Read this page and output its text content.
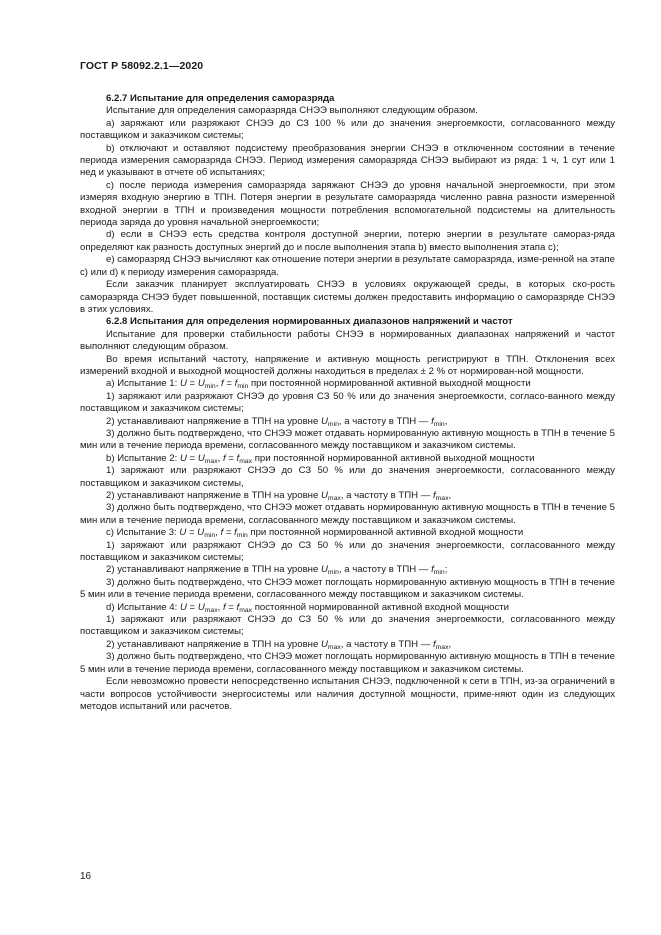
ГОСТ Р 58092.2.1—2020

6.2.7 Испытание для определения саморазряда

Испытание для определения саморазряда СНЭЭ выполняют следующим образом.

а) заряжают или разряжают СНЭЭ до СЗ 100 % или до значения энергоемкости, согласованного между поставщиком и заказчиком системы;

b) отключают и оставляют подсистему преобразования энергии СНЭЭ в отключенном состоянии в течение периода измерения саморазряда СНЭЭ. Период измерения саморазряда СНЭЭ выбирают из ряда: 1 ч, 1 сут или 1 нед и указывают в отчете об испытаниях;

с) после периода измерения саморазряда заряжают СНЭЭ до уровня начальной энергоемкости, при этом измеряя входную энергию в ТПН. Потеря энергии в результате саморазряда численно равна разности измеренной входной энергии в ТПН и произведения мощности потребления вспомогательной подсистемы на длительность периода заряда до уровня начальной энергоемкости;

d) если в СНЭЭ есть средства контроля доступной энергии, потерю энергии в результате самораз-ряда определяют как разность доступных энергий до и после выполнения этапа b) вместо выполнения этапа с);

е) саморазряд СНЭЭ вычисляют как отношение потери энергии в результате саморазряда, изме-ренной на этапе с) или d) к периоду измерения саморазряда.

Если заказчик планирует эксплуатировать СНЭЭ в условиях окружающей среды, в которых ско-рость саморазряда СНЭЭ будет повышенной, поставщик системы должен предоставить информацию о саморазряде СНЭЭ в этих условиях.

6.2.8 Испытания для определения нормированных диапазонов напряжений и частот

Испытание для проверки стабильности работы СНЭЭ в нормированных диапазонах напряжений и частот выполняют следующим образом.

Во время испытаний частоту, напряжение и активную мощность регистрируют в ТПН. Отклонения всех измерений входной и выходной мощностей должны находиться в пределах ± 2 % от нормирован-ной мощности.

а) Испытание 1: $U = U_{min}$, $f = f_{min}$ при постоянной нормированной активной выходной мощности

1) заряжают или разряжают СНЭЭ до уровня СЗ 50 % или до значения энергоемкости, согласо-ванного между поставщиком и заказчиком системы;

2) устанавливают напряжение в ТПН на уровне $U_{min}$, а частоту в ТПН — $f_{min}$,

3) должно быть подтверждено, что СНЭЭ может отдавать нормированную активную мощность в ТПН в течение 5 мин или в течение периода времени, согласованного между поставщиком и заказчиком системы.

b) Испытание 2: $U = U_{max}$, $f = f_{max}$ при постоянной нормированной активной выходной мощности

1) заряжают или разряжают СНЭЭ до СЗ 50 % или до значения энергоемкости, согласованного между поставщиком и заказчиком системы,

2) устанавливают напряжение в ТПН на уровне $U_{max}$, а частоту в ТПН — $f_{max}$,

3) должно быть подтверждено, что СНЭЭ может отдавать нормированную активную мощность в ТПН в течение 5 мин или в течение периода времени, согласованного между поставщиком и заказчиком системы.

с) Испытание 3: $U = U_{min}$, $f = f_{min}$ при постоянной нормированной активной входной мощности

1) заряжают или разряжают СНЭЭ до СЗ 50 % или до значения энергоемкости, согласованного между поставщиком и заказчиком системы;

2) устанавливают напряжение в ТПН на уровне $U_{min}$, а частоту в ТПН — $f_{min}$;

3) должно быть подтверждено, что СНЭЭ может поглощать нормированную активную мощность в ТПН в течение 5 мин или в течение периода времени, согласованного между поставщиком и заказчиком системы.

d) Испытание 4: $U = U_{max}$, $f = f_{max}$ постоянной нормированной активной входной мощности

1) заряжают или разряжают СНЭЭ до СЗ 50 % или до значения энергоемкости, согласованного между поставщиком и заказчиком системы;

2) устанавливают напряжение в ТПН на уровне $U_{max}$, а частоту в ТПН — $f_{max}$,

3) должно быть подтверждено, что СНЭЭ может поглощать нормированную активную мощность в ТПН в течение 5 мин или в течение периода времени, согласованного между поставщиком и заказчиком системы.

Если невозможно провести непосредственно испытания СНЭЭ, подключенной к сети в ТПН, из-за ограничений в части вопросов устойчивости энергосистемы или наличия доступной мощности, приме-няют один из следующих методов испытаний или расчетов.

16
